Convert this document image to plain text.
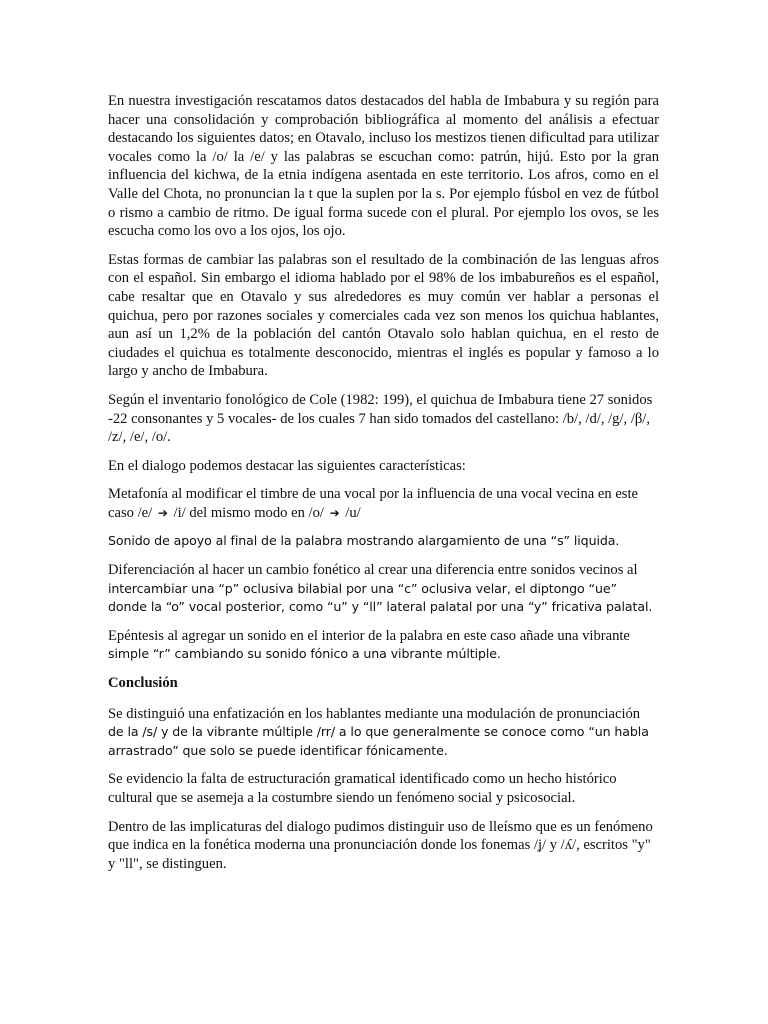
En nuestra investigación rescatamos datos destacados del habla de Imbabura y su región para hacer una consolidación y comprobación bibliográfica al momento del análisis a efectuar destacando los siguientes datos; en Otavalo, incluso los mestizos tienen dificultad para utilizar vocales como la /o/ la /e/ y las palabras se escuchan como: patrún, hijú. Esto por la gran influencia del kichwa, de la etnia indígena asentada en este territorio. Los afros, como en el Valle del Chota, no pronuncian la t que la suplen por la s. Por ejemplo fúsbol en vez de fútbol o rismo a cambio de ritmo. De igual forma sucede con el plural. Por ejemplo los ovos, se les escucha como los ovo a los ojos, los ojo.

Estas formas de cambiar las palabras son el resultado de la combinación de las lenguas afros con el español. Sin embargo el idioma hablado por el 98% de los imbabureños es el español, cabe resaltar que en Otavalo y sus alrededores es muy común ver hablar a personas el quichua, pero por razones sociales y comerciales cada vez son menos los quichua hablantes, aun así un 1,2% de la población del cantón Otavalo solo hablan quichua, en el resto de ciudades el quichua es totalmente desconocido, mientras el inglés es popular y famoso a lo largo y ancho de Imbabura.

Según el inventario fonológico de Cole (1982: 199), el quichua de Imbabura tiene 27 sonidos -22 consonantes y 5 vocales- de los cuales 7 han sido tomados del castellano: /b/, /d/, /g/, /β/, /z/, /e/, /o/.

En el dialogo podemos destacar las siguientes características:

Metafonía al modificar el timbre de una vocal por la influencia de una vocal vecina en este caso /e/ ➔ /i/ del mismo modo en /o/ ➔ /u/

Sonido de apoyo al final de la palabra mostrando alargamiento de una “s” liquida.

Diferenciación al hacer un cambio fonético al crear una diferencia entre sonidos vecinos al intercambiar una “p” oclusiva bilabial por una “c” oclusiva velar, el diptongo “ue” donde la “o” vocal posterior, como “u” y “ll” lateral palatal por una “y” fricativa palatal.

Epéntesis al agregar un sonido en el interior de la palabra en este caso añade una vibrante simple “r” cambiando su sonido fónico a una vibrante múltiple.

Conclusión

Se distinguió una enfatización en los hablantes mediante una modulación de pronunciación de la /s/ y de la vibrante múltiple /rr/ a lo que generalmente se conoce como “un habla arrastrado” que solo se puede identificar fónicamente.

Se evidencio la falta de estructuración gramatical identificado como un hecho histórico cultural que se asemeja a la costumbre siendo un fenómeno social y psicosocial.

Dentro de las implicaturas del dialogo pudimos distinguir uso de lleísmo que es un fenómeno que indica en la fonética moderna una pronunciación donde los fonemas /ʝ/ y /ʎ/, escritos "y" y "ll", se distinguen.
